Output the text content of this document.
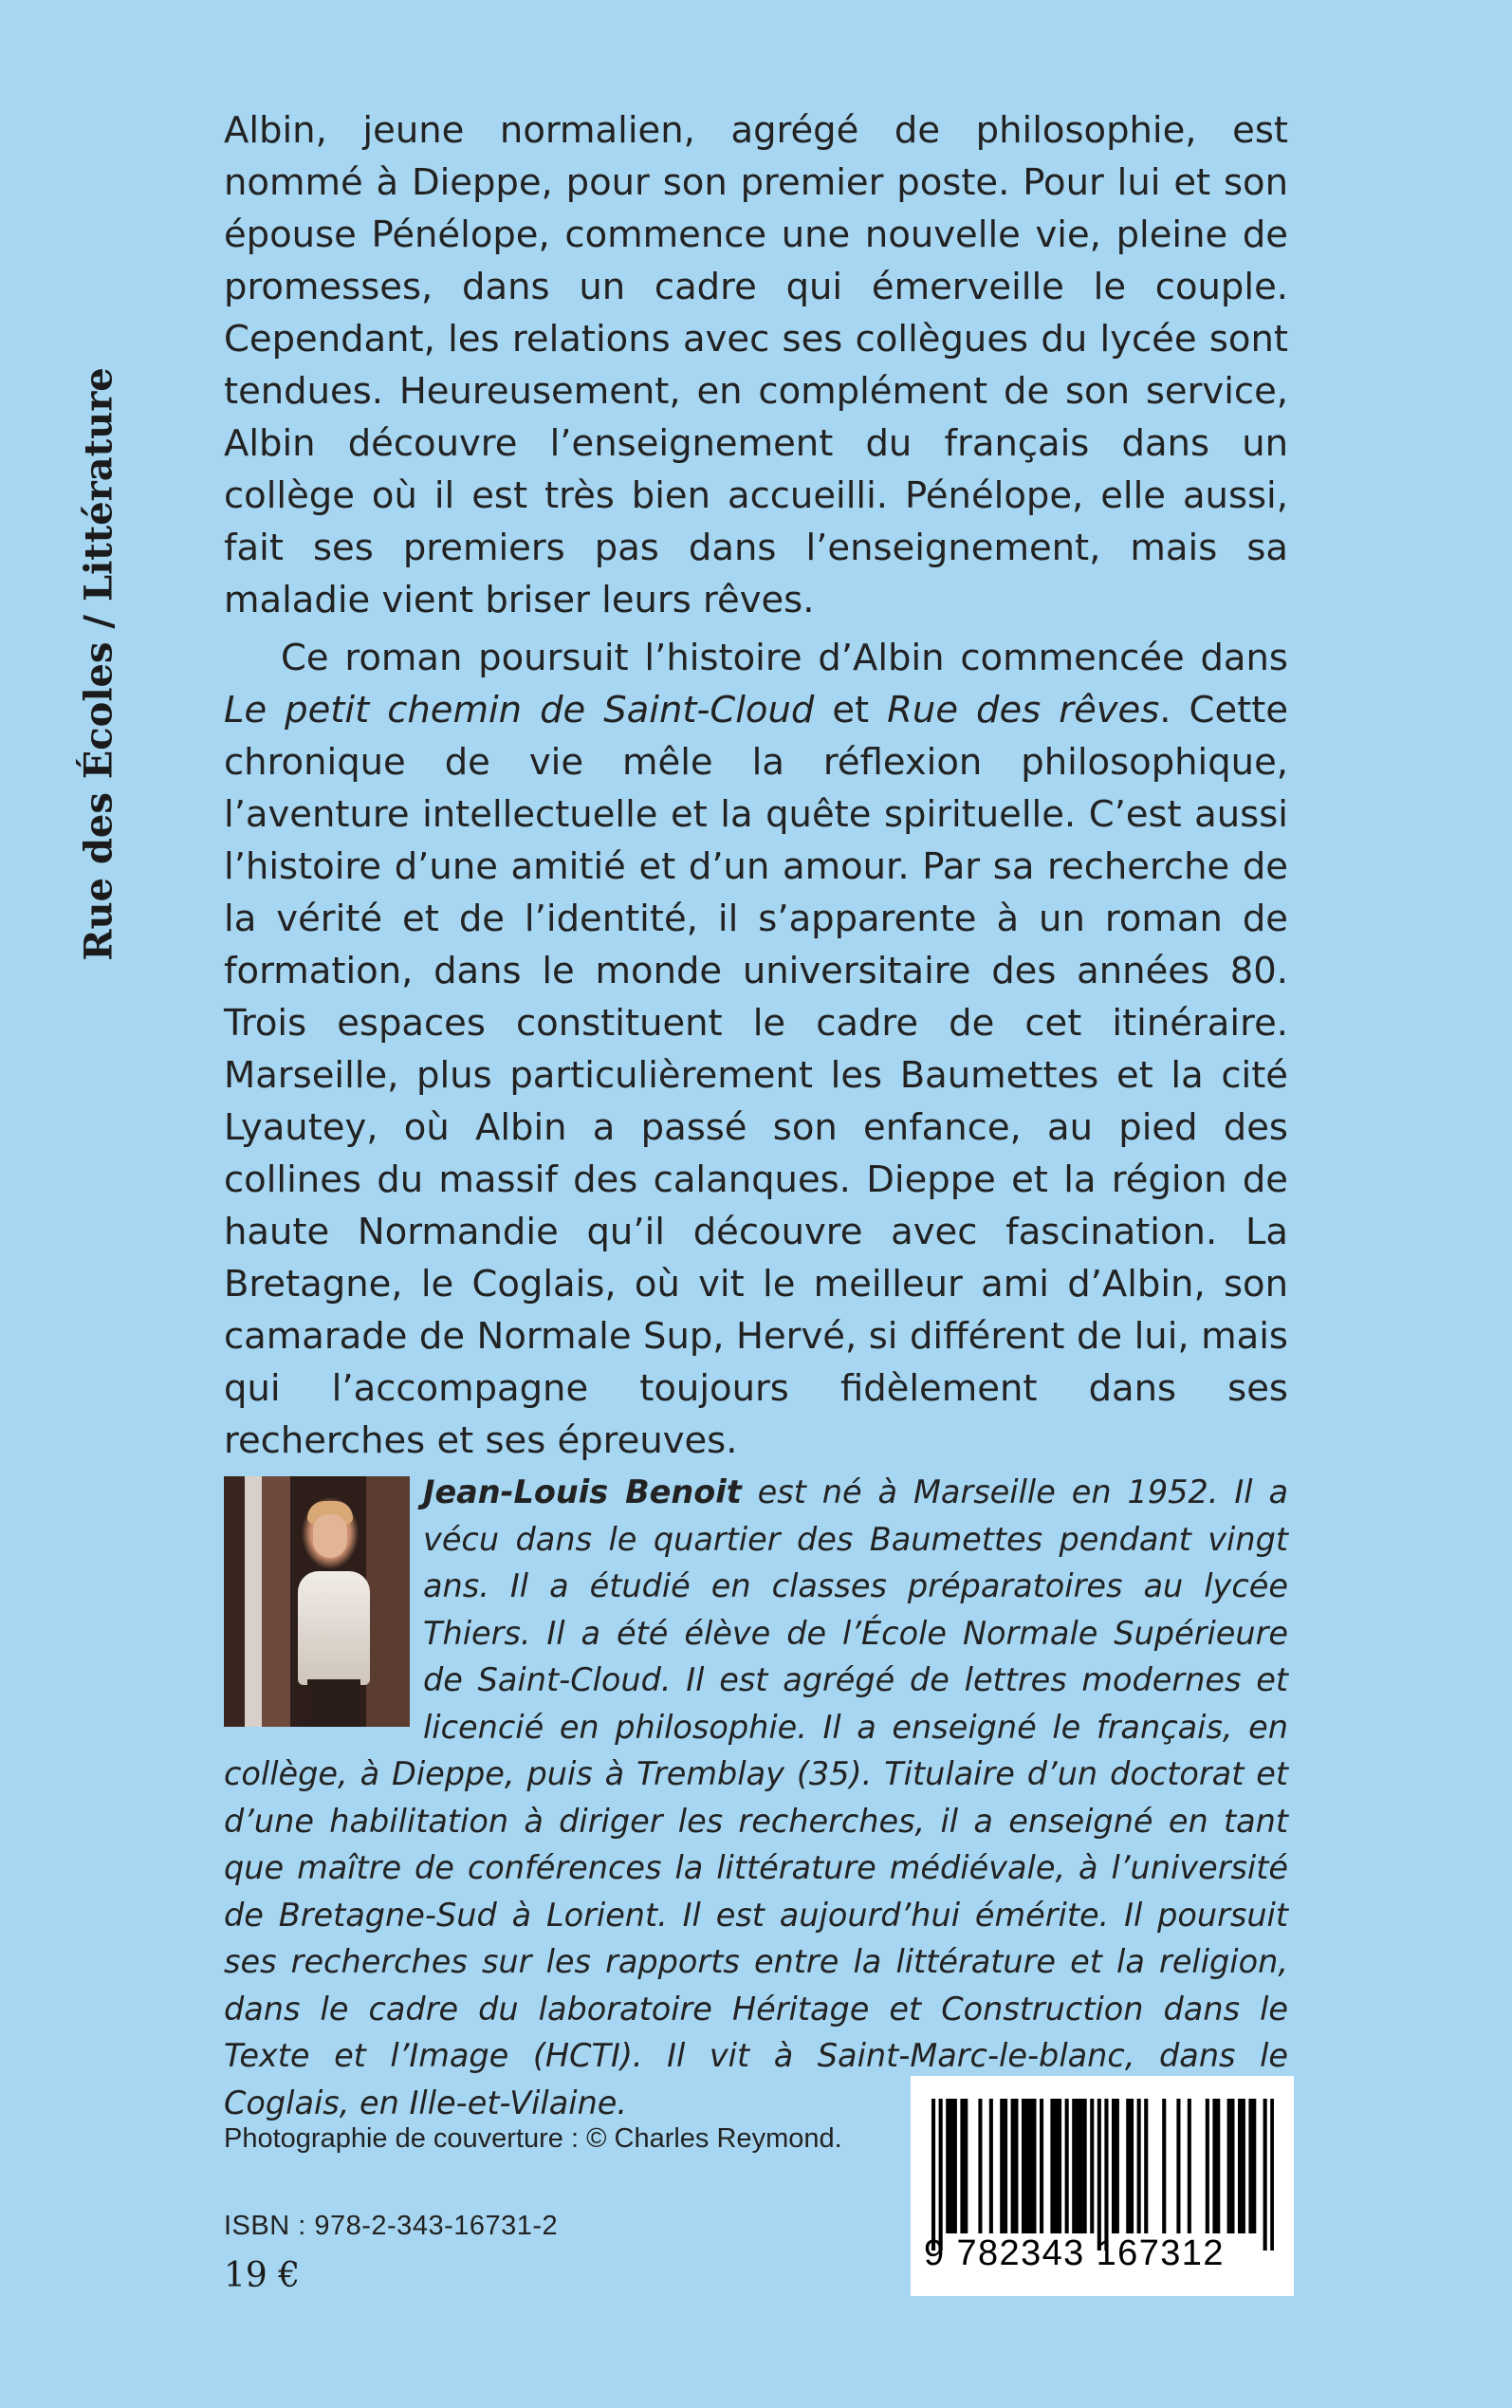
Rue des Écoles / Littérature

Albin, jeune normalien, agrégé de philosophie, est nommé à Dieppe, pour son premier poste. Pour lui et son épouse Pénélope, commence une nouvelle vie, pleine de promesses, dans un cadre qui émerveille le couple. Cependant, les relations avec ses collègues du lycée sont tendues. Heureusement, en complément de son service, Albin découvre l’enseignement du français dans un collège où il est très bien accueilli. Pénélope, elle aussi, fait ses premiers pas dans l’enseignement, mais sa maladie vient briser leurs rêves.

Ce roman poursuit l’histoire d’Albin commencée dans Le petit chemin de Saint-Cloud et Rue des rêves. Cette chronique de vie mêle la réflexion philosophique, l’aventure intellectuelle et la quête spirituelle. C’est aussi l’histoire d’une amitié et d’un amour. Par sa recherche de la vérité et de l’identité, il s’apparente à un roman de formation, dans le monde universitaire des années 80. Trois espaces constituent le cadre de cet itinéraire. Marseille, plus particulièrement les Baumettes et la cité Lyautey, où Albin a passé son enfance, au pied des collines du massif des calanques. Dieppe et la région de haute Normandie qu’il découvre avec fascination. La Bretagne, le Coglais, où vit le meilleur ami d’Albin, son camarade de Normale Sup, Hervé, si différent de lui, mais qui l’accompagne toujours fidèlement dans ses recherches et ses épreuves.

Jean-Louis Benoit est né à Marseille en 1952. Il a vécu dans le quartier des Baumettes pendant vingt ans. Il a étudié en classes préparatoires au lycée Thiers. Il a été élève de l’École Normale Supérieure de Saint-Cloud. Il est agrégé de lettres modernes et licencié en philosophie. Il a enseigné le français, en collège, à Dieppe, puis à Tremblay (35). Titulaire d’un doctorat et d’une habilitation à diriger les recherches, il a enseigné en tant que maître de conférences la littérature médiévale, à l’université de Bretagne-Sud à Lorient. Il est aujourd’hui émérite. Il poursuit ses recherches sur les rapports entre la littérature et la religion, dans le cadre du laboratoire Héritage et Construction dans le Texte et l’Image (HCTI). Il vit à Saint-Marc-le-blanc, dans le Coglais, en Ille-et-Vilaine.
Photographie de couverture : © Charles Reymond.
ISBN : 978-2-343-16731-2
19 €
9 782343 167312
